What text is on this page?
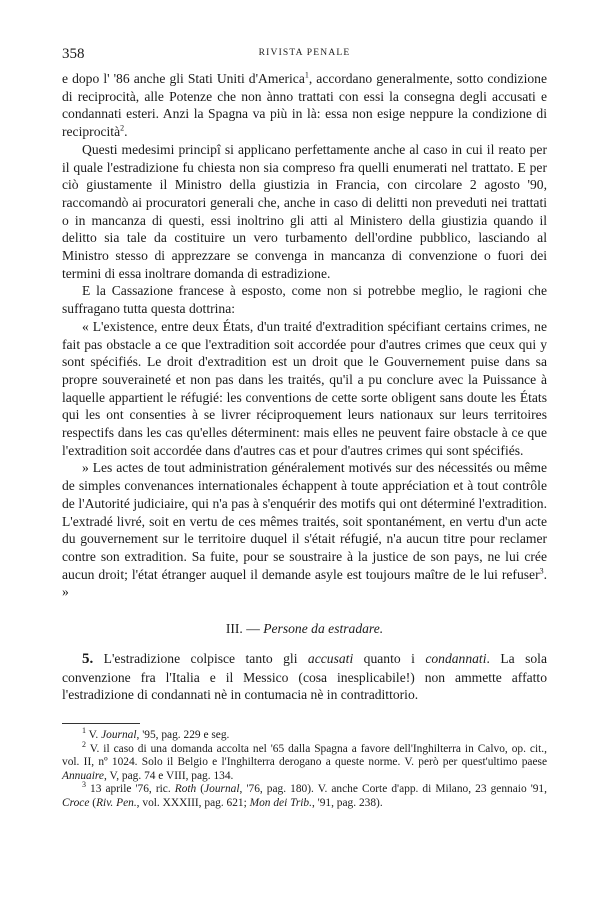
358	RIVISTA PENALE

e dopo l' '86 anche gli Stati Uniti d'America$^1$, accordano generalmente, sotto condizione di reciprocità, alle Potenze che non ànno trattati con essi la consegna degli accusati e condannati esteri. Anzi la Spagna va più in là: essa non esige neppure la condizione di reciprocità$^2$.

Questi medesimi principî si applicano perfettamente anche al caso in cui il reato per il quale l'estradizione fu chiesta non sia compreso fra quelli enumerati nel trattato. E per ciò giustamente il Ministro della giustizia in Francia, con circolare 2 agosto '90, raccomandò ai procuratori generali che, anche in caso di delitti non preveduti nei trattati o in mancanza di questi, essi inoltrino gli atti al Ministero della giustizia quando il delitto sia tale da costituire un vero turbamento dell'ordine pubblico, lasciando al Ministro stesso di apprezzare se convenga in mancanza di convenzione o fuori dei termini di essa inoltrare domanda di estradizione.

E la Cassazione francese à esposto, come non si potrebbe meglio, le ragioni che suffragano tutta questa dottrina:

« L'existence, entre deux États, d'un traité d'extradition spécifiant certains crimes, ne fait pas obstacle a ce que l'extradition soit accordée pour d'autres crimes que ceux qui y sont spécifiés. Le droit d'extradition est un droit que le Gouvernement puise dans sa propre souveraineté et non pas dans les traités, qu'il a pu conclure avec la Puissance à laquelle appartient le réfugié: les conventions de cette sorte obligent sans doute les États qui les ont consenties à se livrer réciproquement leurs nationaux sur leurs territoires respectifs dans les cas qu'elles déterminent: mais elles ne peuvent faire obstacle à ce que l'extradition soit accordée dans d'autres cas et pour d'autres crimes qui sont spécifiés.

» Les actes de tout administration généralement motivés sur des nécessités ou même de simples convenances internationales échappent à toute appréciation et à tout contrôle de l'Autorité judiciaire, qui n'a pas à s'enquérir des motifs qui ont déterminé l'extradition. L'extradé livré, soit en vertu de ces mêmes traités, soit spontanément, en vertu d'un acte du gouvernement sur le territoire duquel il s'était réfugié, n'a aucun titre pour reclamer contre son extradition. Sa fuite, pour se soustraire à la justice de son pays, ne lui crée aucun droit; l'état étranger auquel il demande asyle est toujours maître de le lui refuser$^3$. »

III. — Persone da estradare.

5. L'estradizione colpisce tanto gli accusati quanto i condannati. La sola convenzione fra l'Italia e il Messico (cosa inesplicabile!) non ammette affatto l'estradizione di condannati nè in contumacia nè in contradittorio.

$^1$ V. Journal, '95, pag. 229 e seg.

$^2$ V. il caso di una domanda accolta nel '65 dalla Spagna a favore dell'Inghilterra in Calvo, op. cit., vol. II, nº 1024. Solo il Belgio e l'Inghilterra derogano a queste norme. V. però per quest'ultimo paese Annuaire, V, pag. 74 e VIII, pag. 134.

$^3$ 13 aprile '76, ric. Roth (Journal, '76, pag. 180). V. anche Corte d'app. di Milano, 23 gennaio '91, Croce (Riv. Pen., vol. XXXIII, pag. 621; Mon dei Trib., '91, pag. 238).
